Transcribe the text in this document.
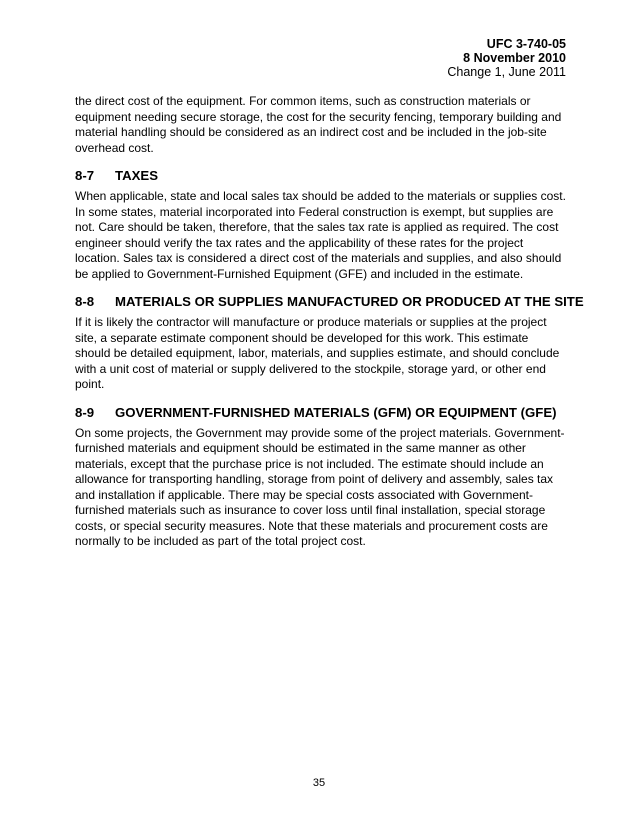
UFC 3-740-05
8 November 2010
Change 1, June 2011

the direct cost of the equipment. For common items, such as construction materials or equipment needing secure storage, the cost for the security fencing, temporary building and material handling should be considered as an indirect cost and be included in the job-site overhead cost.

8-7 TAXES

When applicable, state and local sales tax should be added to the materials or supplies cost. In some states, material incorporated into Federal construction is exempt, but supplies are not. Care should be taken, therefore, that the sales tax rate is applied as required. The cost engineer should verify the tax rates and the applicability of these rates for the project location. Sales tax is considered a direct cost of the materials and supplies, and also should be applied to Government-Furnished Equipment (GFE) and included in the estimate.

8-8 MATERIALS OR SUPPLIES MANUFACTURED OR PRODUCED AT THE SITE

If it is likely the contractor will manufacture or produce materials or supplies at the project site, a separate estimate component should be developed for this work. This estimate should be detailed equipment, labor, materials, and supplies estimate, and should conclude with a unit cost of material or supply delivered to the stockpile, storage yard, or other end point.

8-9 GOVERNMENT-FURNISHED MATERIALS (GFM) OR EQUIPMENT (GFE)

On some projects, the Government may provide some of the project materials. Government-furnished materials and equipment should be estimated in the same manner as other materials, except that the purchase price is not included. The estimate should include an allowance for transporting handling, storage from point of delivery and assembly, sales tax and installation if applicable. There may be special costs associated with Government-furnished materials such as insurance to cover loss until final installation, special storage costs, or special security measures. Note that these materials and procurement costs are normally to be included as part of the total project cost.

35
